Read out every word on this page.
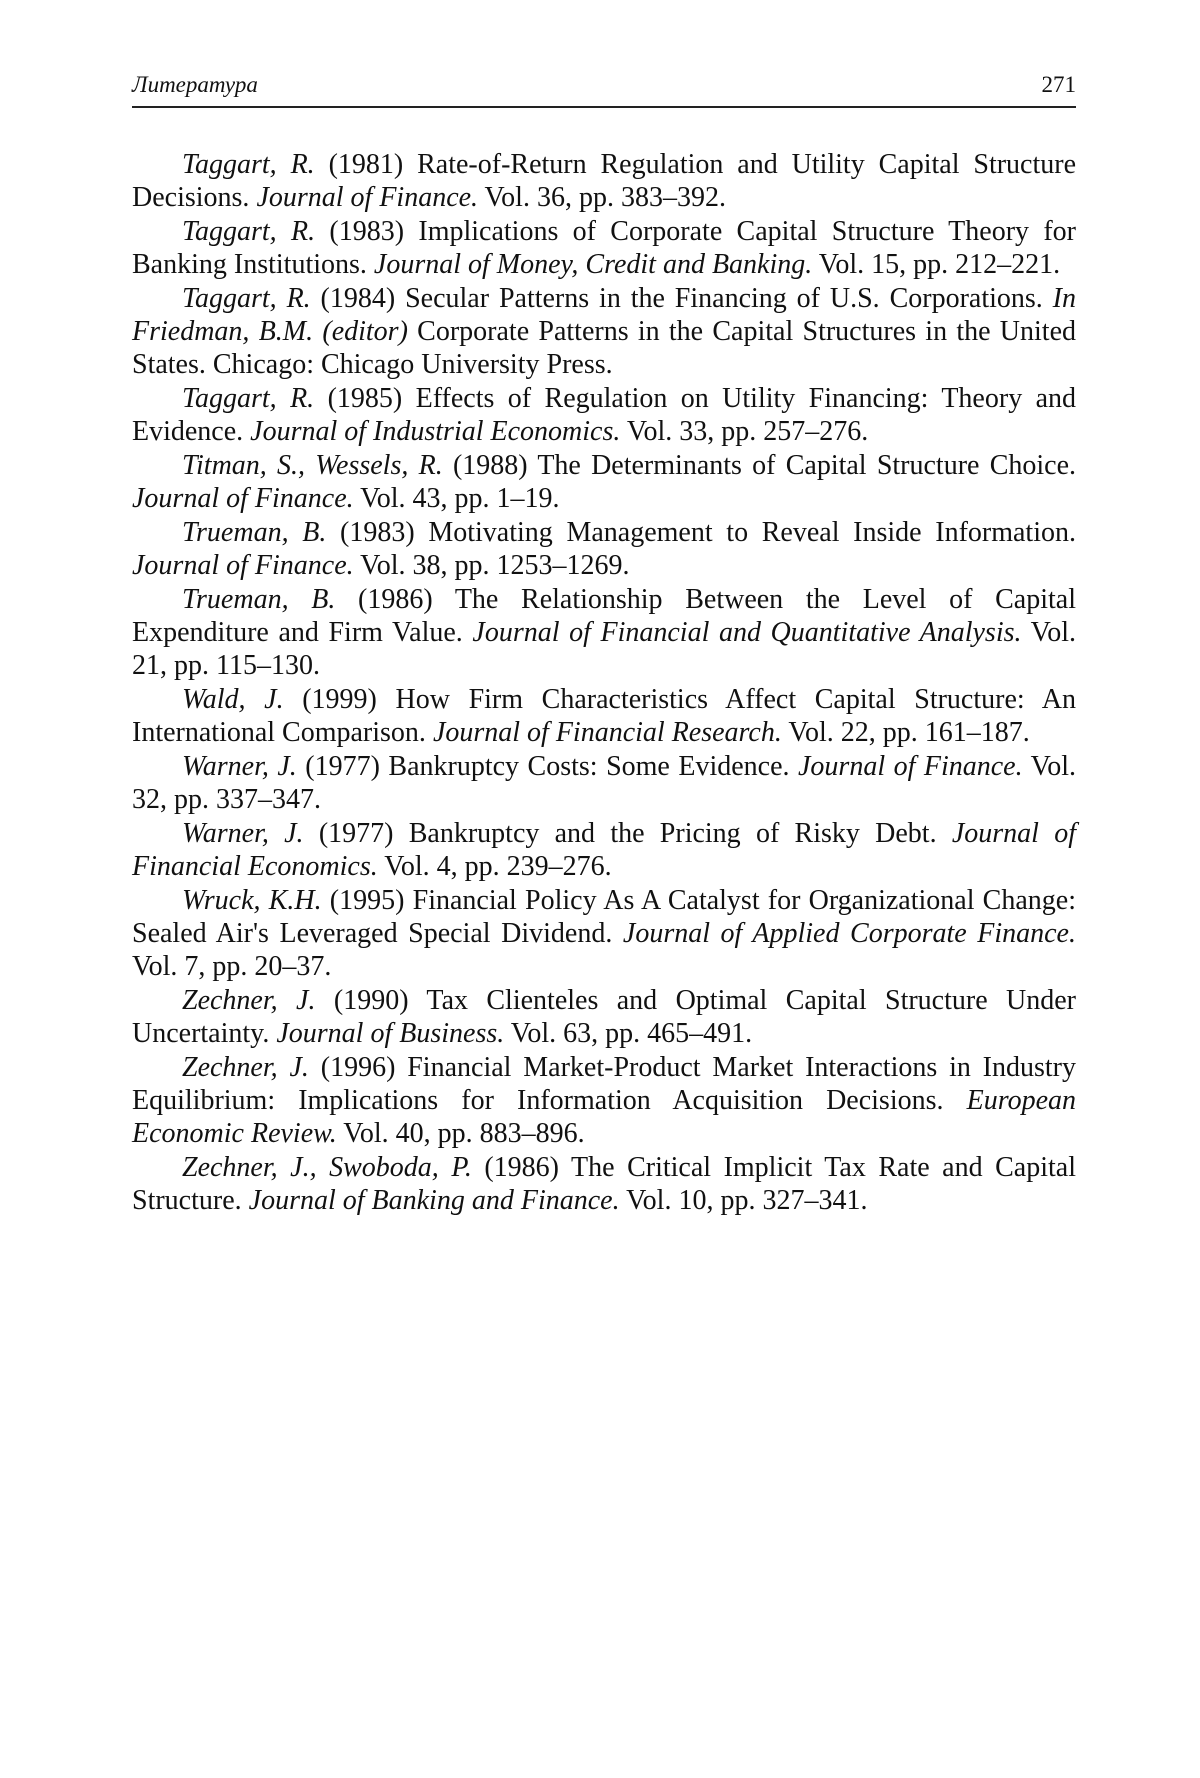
Литература	271

Taggart, R. (1981) Rate-of-Return Regulation and Utility Capital Structure Decisions. Journal of Finance. Vol. 36, pp. 383–392.

Taggart, R. (1983) Implications of Corporate Capital Structure Theory for Banking Institutions. Journal of Money, Credit and Banking. Vol. 15, pp. 212–221.

Taggart, R. (1984) Secular Patterns in the Financing of U.S. Corporations. In Friedman, B.M. (editor) Corporate Patterns in the Capital Structures in the United States. Chicago: Chicago University Press.

Taggart, R. (1985) Effects of Regulation on Utility Financing: Theory and Evidence. Journal of Industrial Economics. Vol. 33, pp. 257–276.

Titman, S., Wessels, R. (1988) The Determinants of Capital Structure Choice. Journal of Finance. Vol. 43, pp. 1–19.

Trueman, B. (1983) Motivating Management to Reveal Inside Information. Journal of Finance. Vol. 38, pp. 1253–1269.

Trueman, B. (1986) The Relationship Between the Level of Capital Expenditure and Firm Value. Journal of Financial and Quantitative Analysis. Vol. 21, pp. 115–130.

Wald, J. (1999) How Firm Characteristics Affect Capital Structure: An International Comparison. Journal of Financial Research. Vol. 22, pp. 161–187.

Warner, J. (1977) Bankruptcy Costs: Some Evidence. Journal of Finance. Vol. 32, pp. 337–347.

Warner, J. (1977) Bankruptcy and the Pricing of Risky Debt. Journal of Financial Economics. Vol. 4, pp. 239–276.

Wruck, K.H. (1995) Financial Policy As A Catalyst for Organizational Change: Sealed Air's Leveraged Special Dividend. Journal of Applied Corporate Finance. Vol. 7, pp. 20–37.

Zechner, J. (1990) Tax Clienteles and Optimal Capital Structure Under Uncertainty. Journal of Business. Vol. 63, pp. 465–491.

Zechner, J. (1996) Financial Market-Product Market Interactions in Industry Equilibrium: Implications for Information Acquisition Decisions. European Economic Review. Vol. 40, pp. 883–896.

Zechner, J., Swoboda, P. (1986) The Critical Implicit Tax Rate and Capital Structure. Journal of Banking and Finance. Vol. 10, pp. 327–341.
